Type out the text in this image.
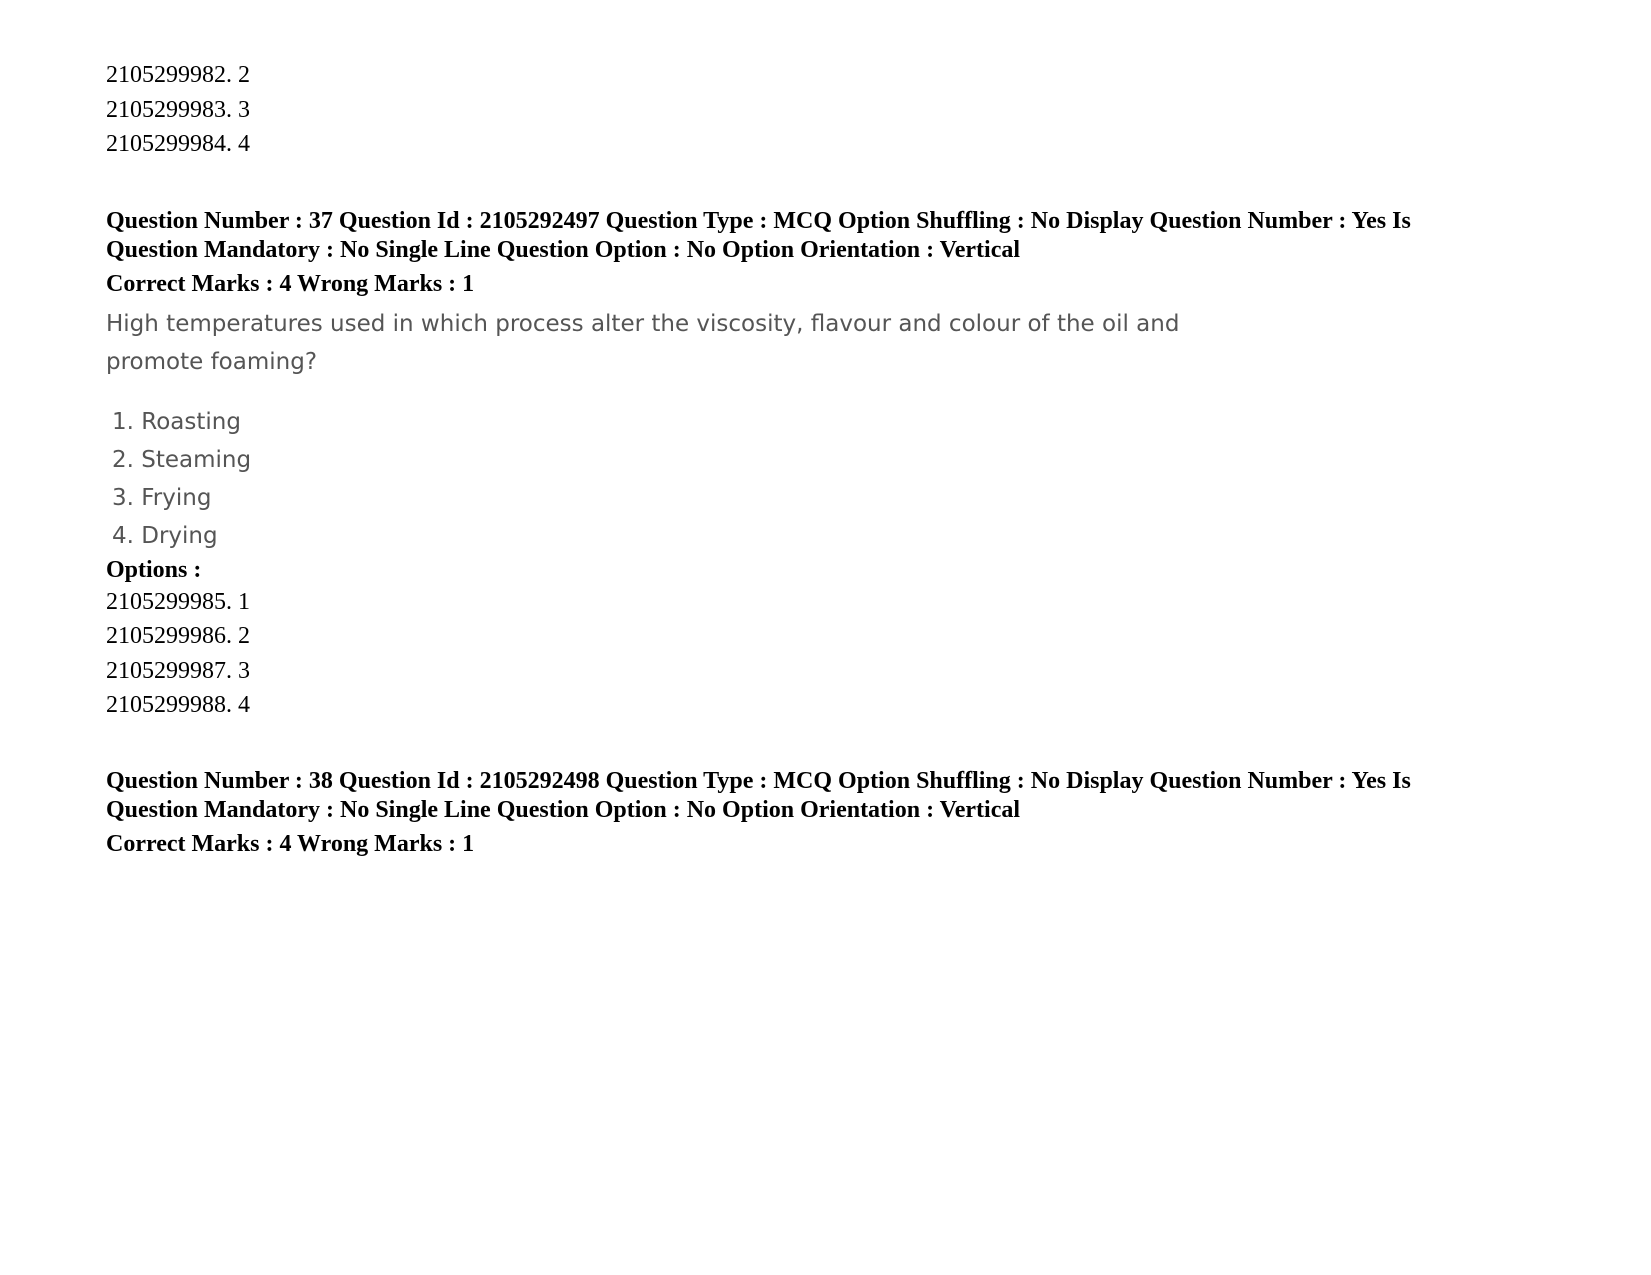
2105299982. 2
2105299983. 3
2105299984. 4
Question Number : 37 Question Id : 2105292497 Question Type : MCQ Option Shuffling : No Display Question Number : Yes Is
Question Mandatory : No Single Line Question Option : No Option Orientation : Vertical
Correct Marks : 4 Wrong Marks : 1
High temperatures used in which process alter the viscosity, flavour and colour of the oil and
promote foaming?
1. Roasting
2. Steaming
3. Frying
4. Drying
Options :
2105299985. 1
2105299986. 2
2105299987. 3
2105299988. 4
Question Number : 38 Question Id : 2105292498 Question Type : MCQ Option Shuffling : No Display Question Number : Yes Is
Question Mandatory : No Single Line Question Option : No Option Orientation : Vertical
Correct Marks : 4 Wrong Marks : 1
